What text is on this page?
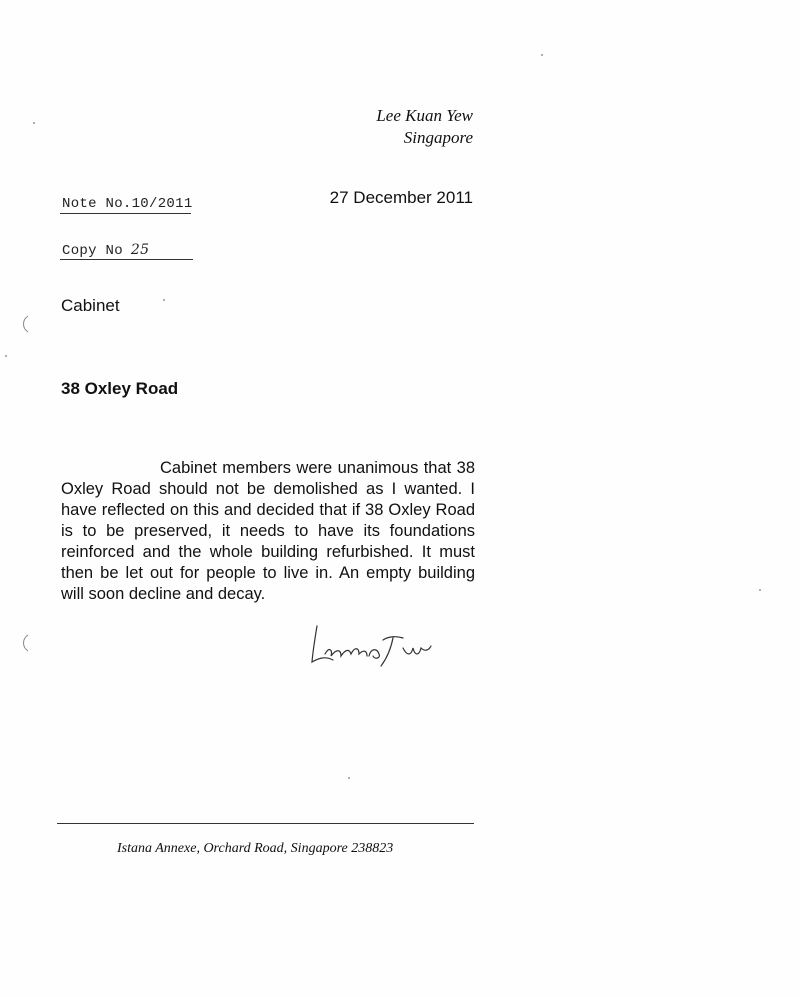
Lee Kuan Yew
Singapore
Note No.10/2011	27 December 2011
Copy No 25
Cabinet
38 Oxley Road

Cabinet members were unanimous that 38 Oxley Road should not be demolished as I wanted. I have reflected on this and decided that if 38 Oxley Road is to be preserved, it needs to have its foundations reinforced and the whole building refurbished. It must then be let out for people to live in. An empty building will soon decline and decay.

Istana Annexe, Orchard Road, Singapore 238823
